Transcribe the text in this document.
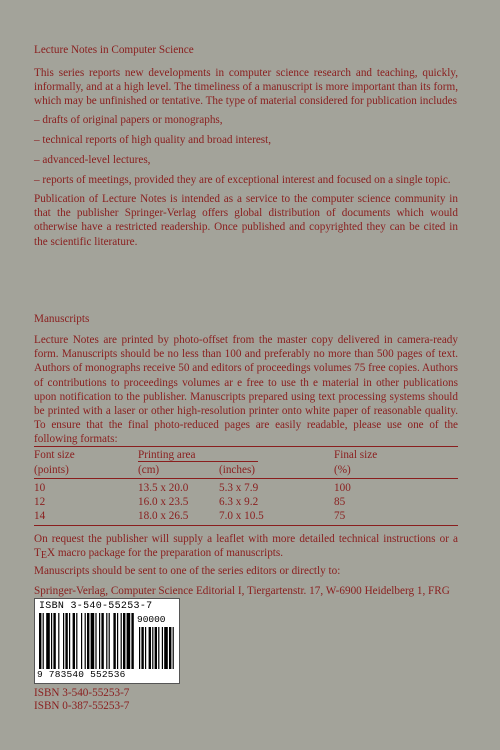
Lecture Notes in Computer Science

This series reports new developments in computer science research and teaching, quickly, informally, and at a high level. The timeliness of a manuscript is more important than its form, which may be unfinished or tentative. The type of material considered for publication includes

– drafts of original papers or monographs,
– technical reports of high quality and broad interest,
– advanced-level lectures,
– reports of meetings, provided they are of exceptional interest and focused on a single topic.

Publication of Lecture Notes is intended as a service to the computer science community in that the publisher Springer-Verlag offers global distribution of documents which would otherwise have a restricted readership. Once published and copyrighted they can be cited in the scientific literature.

Manuscripts

Lecture Notes are printed by photo-offset from the master copy delivered in camera-ready form. Manuscripts should be no less than 100 and preferably no more than 500 pages of text. Authors of monographs receive 50 and editors of proceedings volumes 75 free copies. Authors of contributions to proceedings volumes ar e free to use th e material in other publications upon notification to the publisher. Manuscripts prepared using text processing systems should be printed with a laser or other high-resolution printer onto white paper of reasonable quality. To ensure that the final photo-reduced pages are easily readable, please use one of the following formats:

Font size	Printing area	Final size
(points)	(cm)	(inches)	(%)
10	13.5 x 20.0	5.3 x 7.9	100
12	16.0 x 23.5	6.3 x 9.2	85
14	18.0 x 26.5	7.0 x 10.5	75

On request the publisher will supply a leaflet with more detailed technical instructions or a TEX macro package for the preparation of manuscripts.

Manuscripts should be sent to one of the series editors or directly to:
Springer-Verlag, Computer Science Editorial I, Tiergartenstr. 17, W-6900 Heidelberg 1, FRG
ISBN 3-540-55253-7
90000
9 783540 552536
ISBN 3-540-55253-7
ISBN 0-387-55253-7
